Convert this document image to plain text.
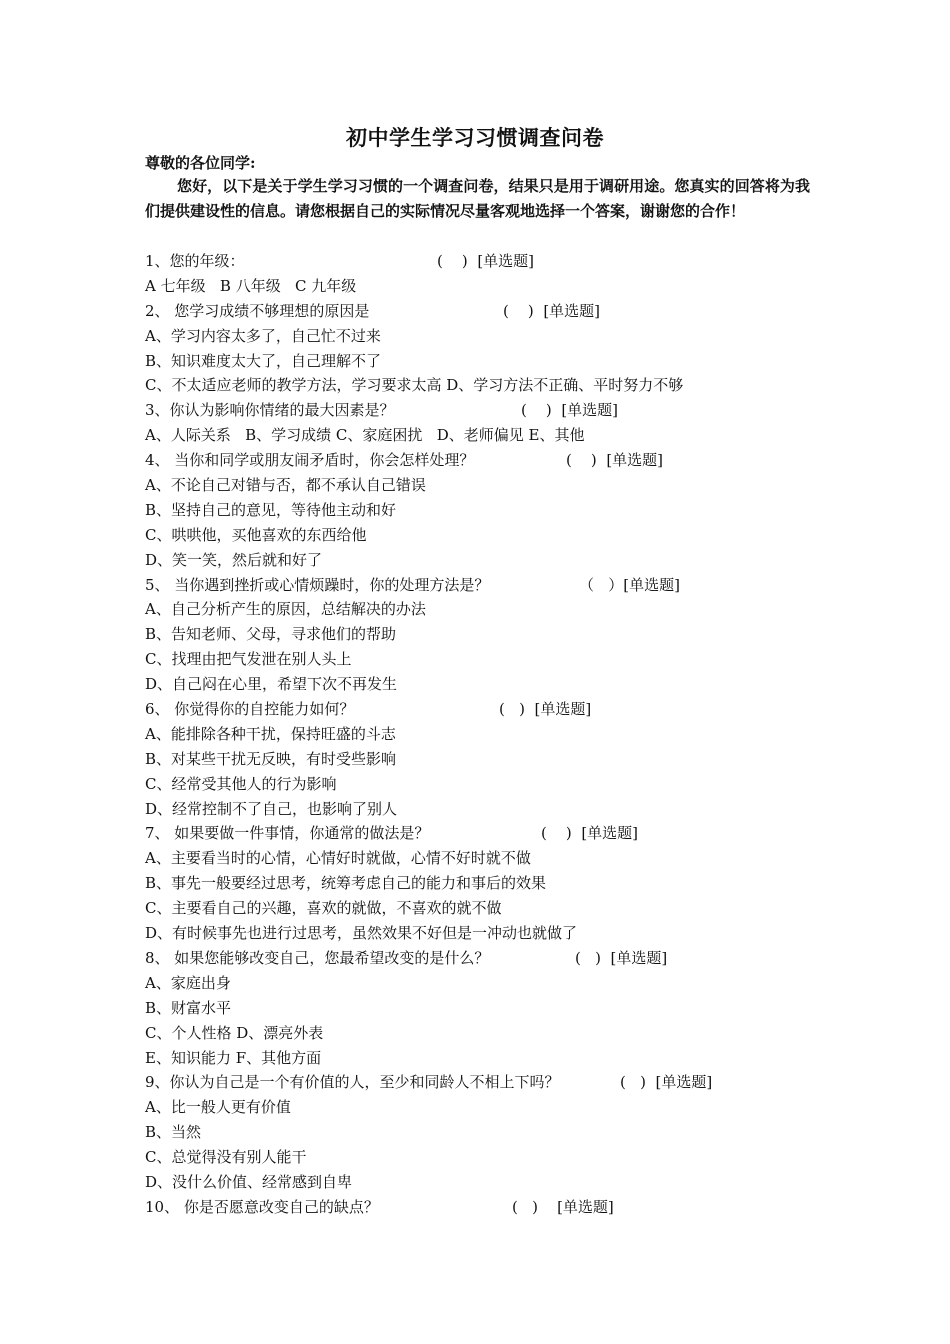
初中学生学习习惯调查问卷
尊敬的各位同学:
您好，以下是关于学生学习习惯的一个调查问卷，结果只是用于调研用途。您真实的回答将为我们提供建设性的信息。请您根据自己的实际情况尽量客观地选择一个答案，谢谢您的合作！
1、您的年级：	(    )  [单选题]
A 七年级   B 八年级   C 九年级
2、 您学习成绩不够理想的原因是	(    )  [单选题]
A、学习内容太多了，自己忙不过来
B、知识难度太大了，自己理解不了
C、不太适应老师的教学方法，学习要求太高 D、学习方法不正确、平时努力不够
3、你认为影响你情绪的最大因素是？	(    )  [单选题]
A、人际关系   B、学习成绩 C、家庭困扰   D、老师偏见 E、其他
4、 当你和同学或朋友闹矛盾时，你会怎样处理？	(    )  [单选题]
A、不论自己对错与否，都不承认自己错误
B、坚持自己的意见，等待他主动和好
C、哄哄他，买他喜欢的东西给他
D、笑一笑，然后就和好了
5、 当你遇到挫折或心情烦躁时，你的处理方法是？	（   ）[单选题]
A、自己分析产生的原因，总结解决的办法
B、告知老师、父母，寻求他们的帮助
C、找理由把气发泄在别人头上
D、自己闷在心里，希望下次不再发生
6、 你觉得你的自控能力如何？	(   )  [单选题]
A、能排除各种干扰，保持旺盛的斗志
B、对某些干扰无反映，有时受些影响
C、经常受其他人的行为影响
D、经常控制不了自己，也影响了别人
7、 如果要做一件事情，你通常的做法是？	(    )  [单选题]
A、主要看当时的心情，心情好时就做，心情不好时就不做
B、事先一般要经过思考，统筹考虑自己的能力和事后的效果
C、主要看自己的兴趣，喜欢的就做，不喜欢的就不做
D、有时候事先也进行过思考，虽然效果不好但是一冲动也就做了
8、 如果您能够改变自己，您最希望改变的是什么？	(   )  [单选题]
A、家庭出身
B、财富水平
C、个人性格 D、漂亮外表
E、知识能力 F、其他方面
9、你认为自己是一个有价值的人，至少和同龄人不相上下吗？	(   )  [单选题]
A、比一般人更有价值
B、当然
C、总觉得没有别人能干
D、没什么价值、经常感到自卑
10、 你是否愿意改变自己的缺点？	(   )    [单选题]
